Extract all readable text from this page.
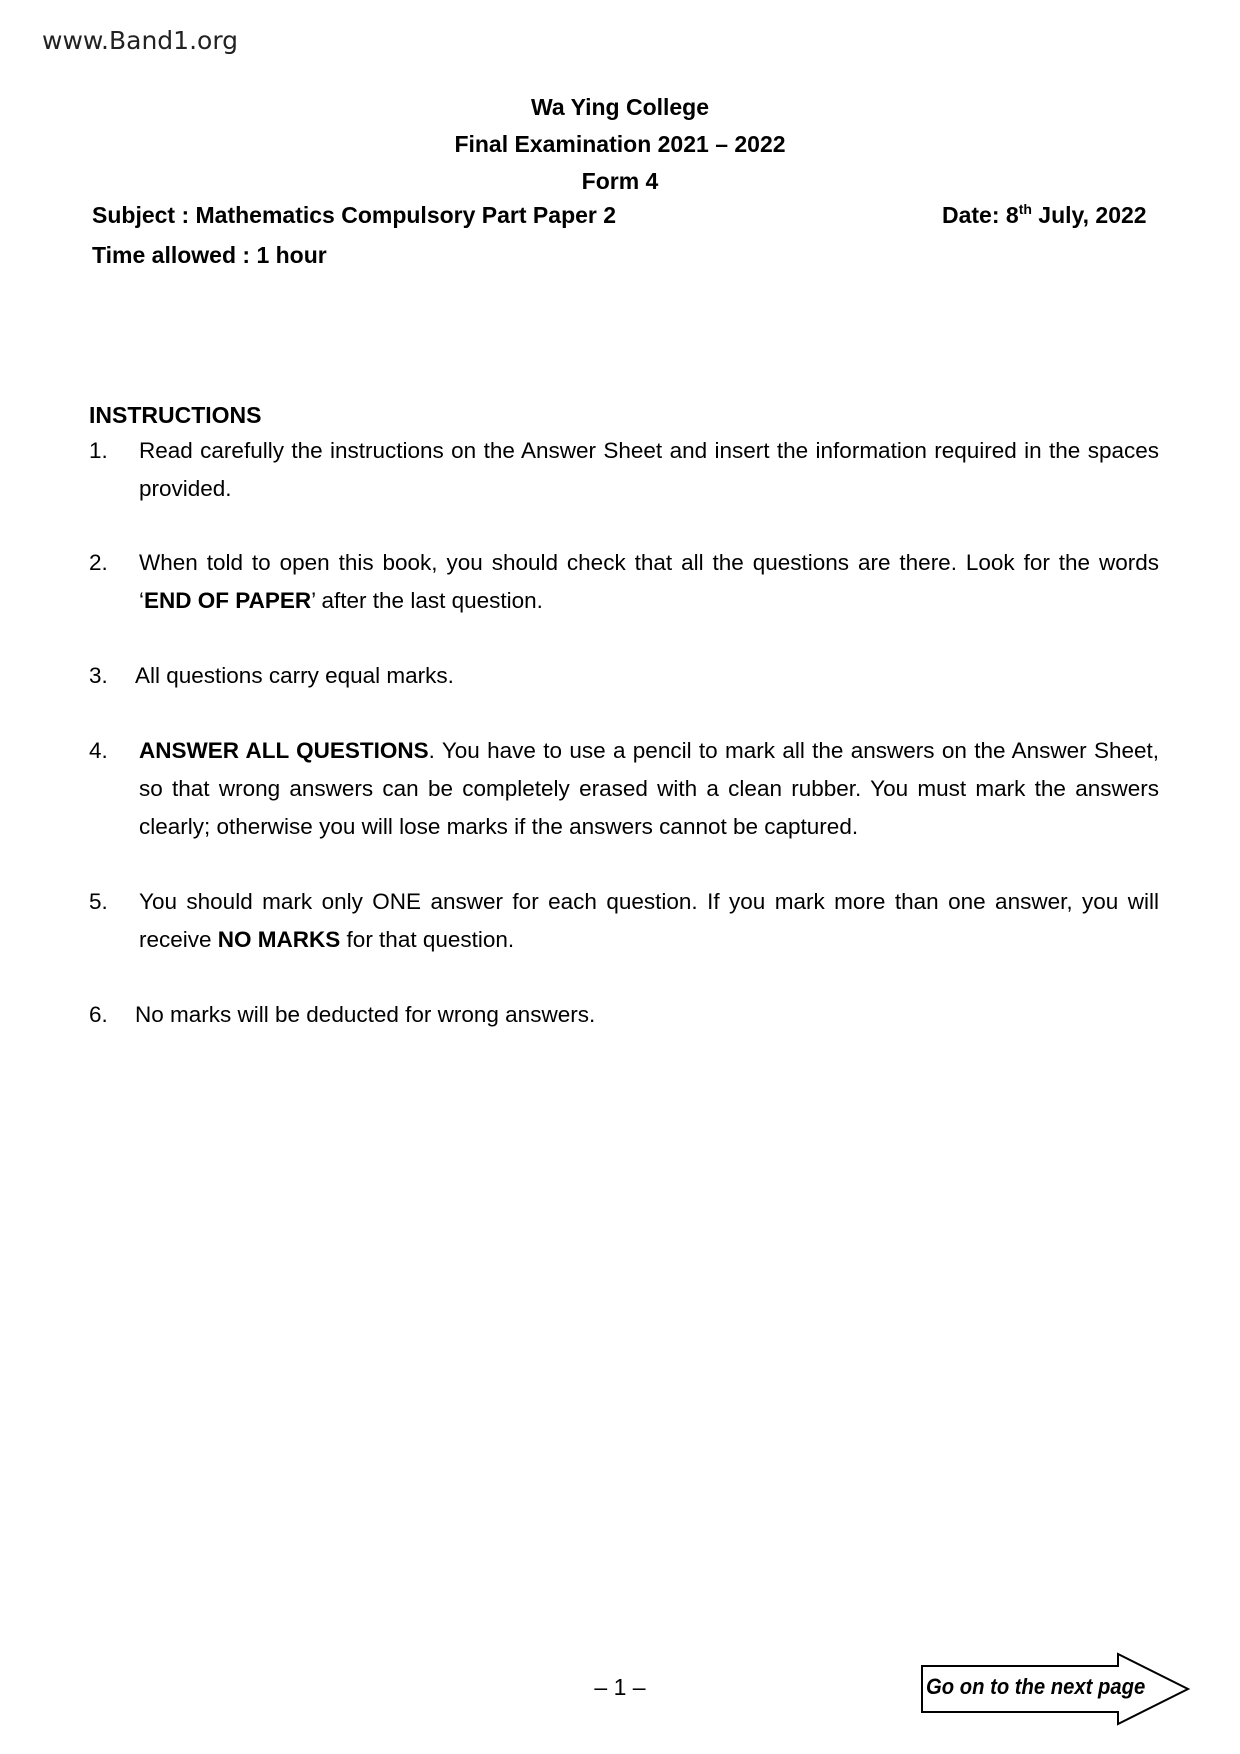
www.Band1.org
Wa Ying College
Final Examination 2021 – 2022
Form 4
Subject : Mathematics Compulsory Part Paper 2	Date: 8th July, 2022
Time allowed : 1 hour
INSTRUCTIONS
1. Read carefully the instructions on the Answer Sheet and insert the information required in the spaces provided.
2. When told to open this book, you should check that all the questions are there. Look for the words ‘END OF PAPER’ after the last question.
3. All questions carry equal marks.
4. ANSWER ALL QUESTIONS. You have to use a pencil to mark all the answers on the Answer Sheet, so that wrong answers can be completely erased with a clean rubber. You must mark the answers clearly; otherwise you will lose marks if the answers cannot be captured.
5. You should mark only ONE answer for each question. If you mark more than one answer, you will receive NO MARKS for that question.
6. No marks will be deducted for wrong answers.
– 1 –	Go on to the next page
